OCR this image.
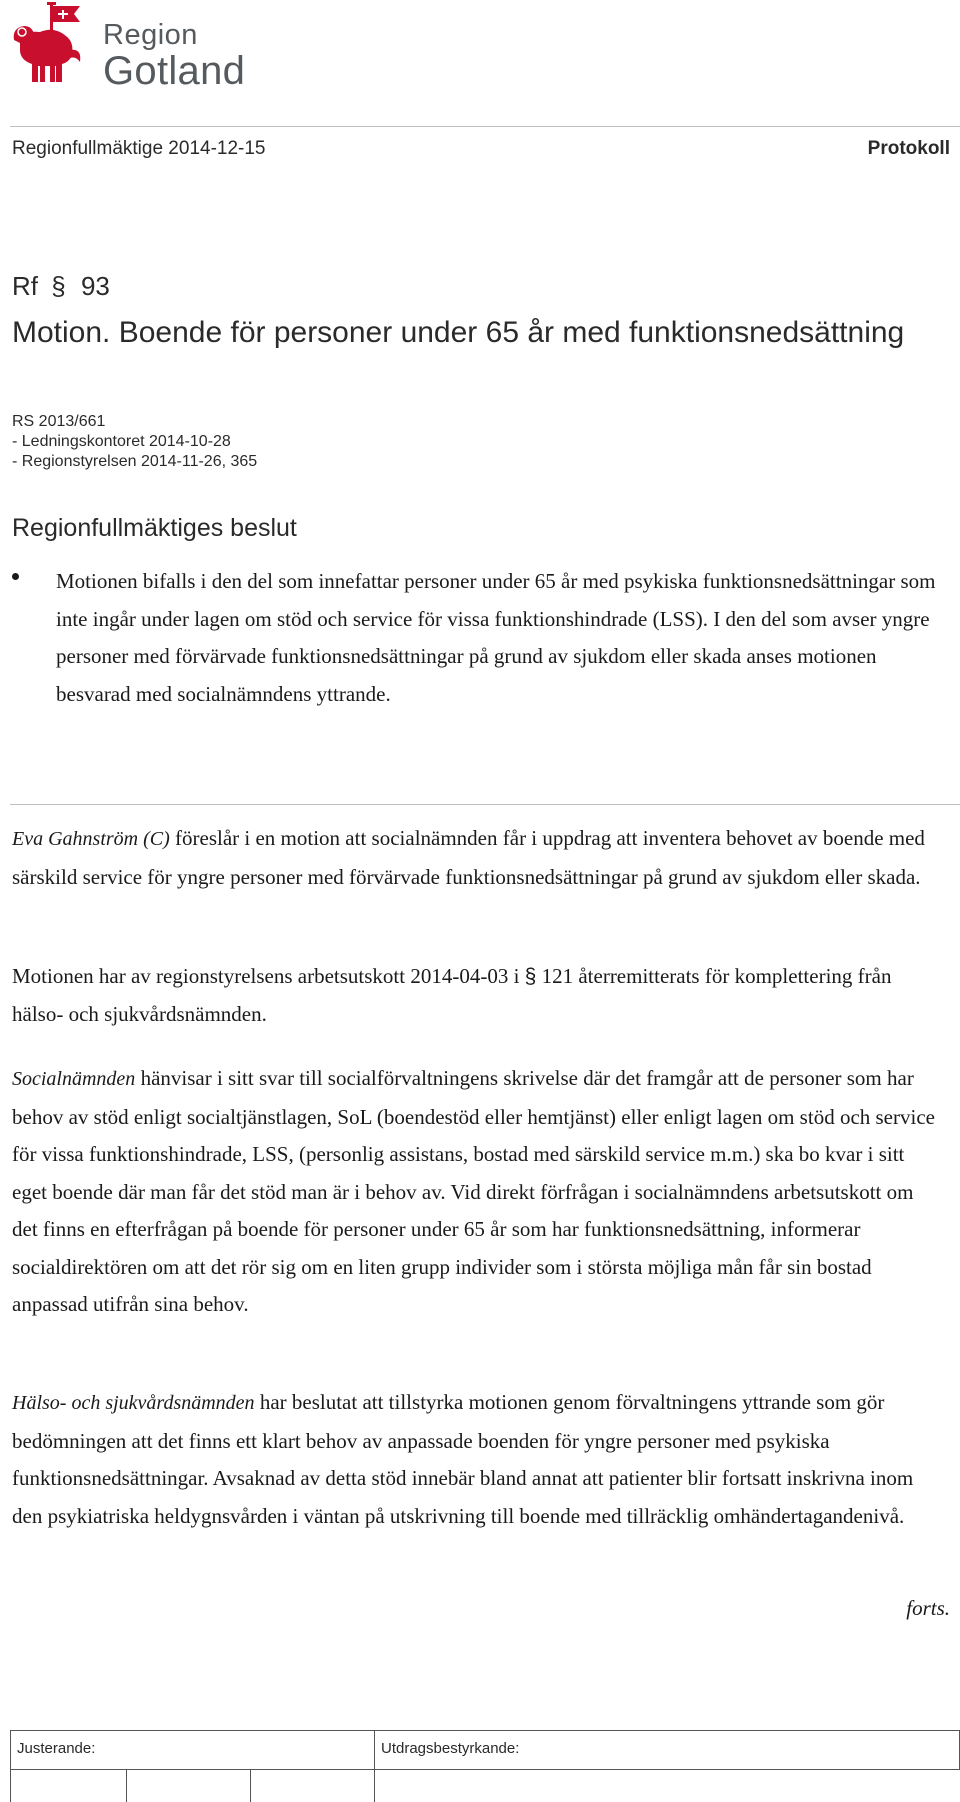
Region
Gotland
Regionfullmäktige 2014-12-15	Protokoll
Rf § 93
Motion. Boende för personer under 65 år med funktionsnedsättning
RS 2013/661
- Ledningskontoret 2014-10-28
- Regionstyrelsen 2014-11-26, 365
Regionfullmäktiges beslut
Motionen bifalls i den del som innefattar personer under 65 år med psykiska funktionsnedsättningar som inte ingår under lagen om stöd och service för vissa funktionshindrade (LSS). I den del som avser yngre personer med förvärvade funktionsnedsättningar på grund av sjukdom eller skada anses motionen besvarad med socialnämndens yttrande.
Eva Gahnström (C) föreslår i en motion att socialnämnden får i uppdrag att inventera behovet av boende med särskild service för yngre personer med förvärvade funktionsnedsättningar på grund av sjukdom eller skada.
Motionen har av regionstyrelsens arbetsutskott 2014-04-03 i § 121 återremitterats för komplettering från hälso- och sjukvårdsnämnden.
Socialnämnden hänvisar i sitt svar till socialförvaltningens skrivelse där det framgår att de personer som har behov av stöd enligt socialtjänstlagen, SoL (boendestöd eller hemtjänst) eller enligt lagen om stöd och service för vissa funktionshindrade, LSS, (personlig assistans, bostad med särskild service m.m.) ska bo kvar i sitt eget boende där man får det stöd man är i behov av. Vid direkt förfrågan i socialnämndens arbetsutskott om det finns en efterfrågan på boende för personer under 65 år som har funktionsnedsättning, informerar socialdirektören om att det rör sig om en liten grupp individer som i största möjliga mån får sin bostad anpassad utifrån sina behov.
Hälso- och sjukvårdsnämnden har beslutat att tillstyrka motionen genom förvaltningens yttrande som gör bedömningen att det finns ett klart behov av anpassade boenden för yngre personer med psykiska funktionsnedsättningar. Avsaknad av detta stöd innebär bland annat att patienter blir fortsatt inskrivna inom den psykiatriska heldygnsvården i väntan på utskrivning till boende med tillräcklig omhändertagandenivå.
forts.
Justerande:	Utdragsbestyrkande:
